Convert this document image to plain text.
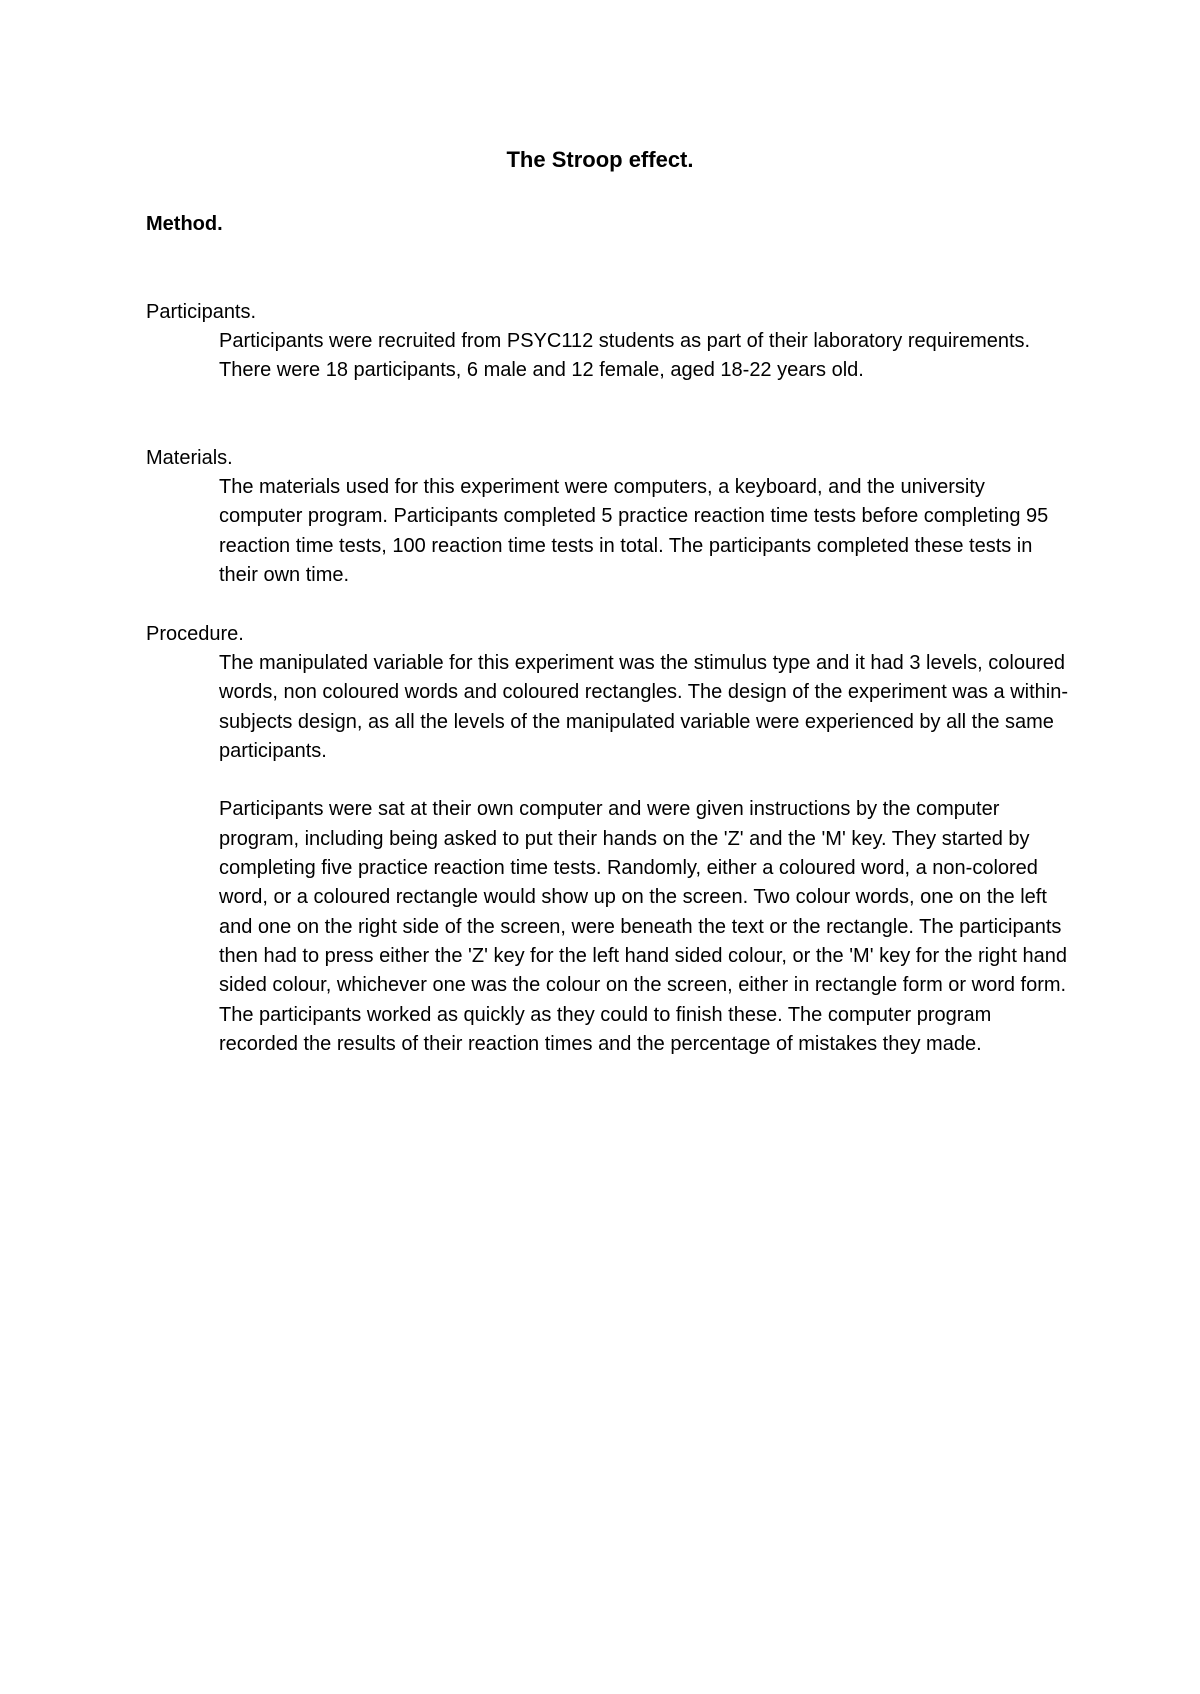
The Stroop effect.
Method.
Participants.
Participants were recruited from PSYC112 students as part of their laboratory requirements. There were 18 participants, 6 male and 12 female, aged 18-22 years old.
Materials.
The materials used for this experiment were computers, a keyboard, and the university computer program. Participants completed 5 practice reaction time tests before completing 95 reaction time tests, 100 reaction time tests in total. The participants completed these tests in their own time.
Procedure.
The manipulated variable for this experiment was the stimulus type and it had 3 levels, coloured words, non coloured words and coloured rectangles. The design of the experiment was a within-subjects design, as all the levels of the manipulated variable were experienced by all the same participants.
Participants were sat at their own computer and were given instructions by the computer program, including being asked to put their hands on the 'Z' and the 'M' key. They started by completing five practice reaction time tests. Randomly, either a coloured word, a non-colored word, or a coloured rectangle would show up on the screen. Two colour words, one on the left and one on the right side of the screen, were beneath the text or the rectangle. The participants then had to press either the 'Z' key for the left hand sided colour, or the 'M' key for the right hand sided colour, whichever one was the colour on the screen, either in rectangle form or word form. The participants worked as quickly as they could to finish these. The computer program recorded the results of their reaction times and the percentage of mistakes they made.
